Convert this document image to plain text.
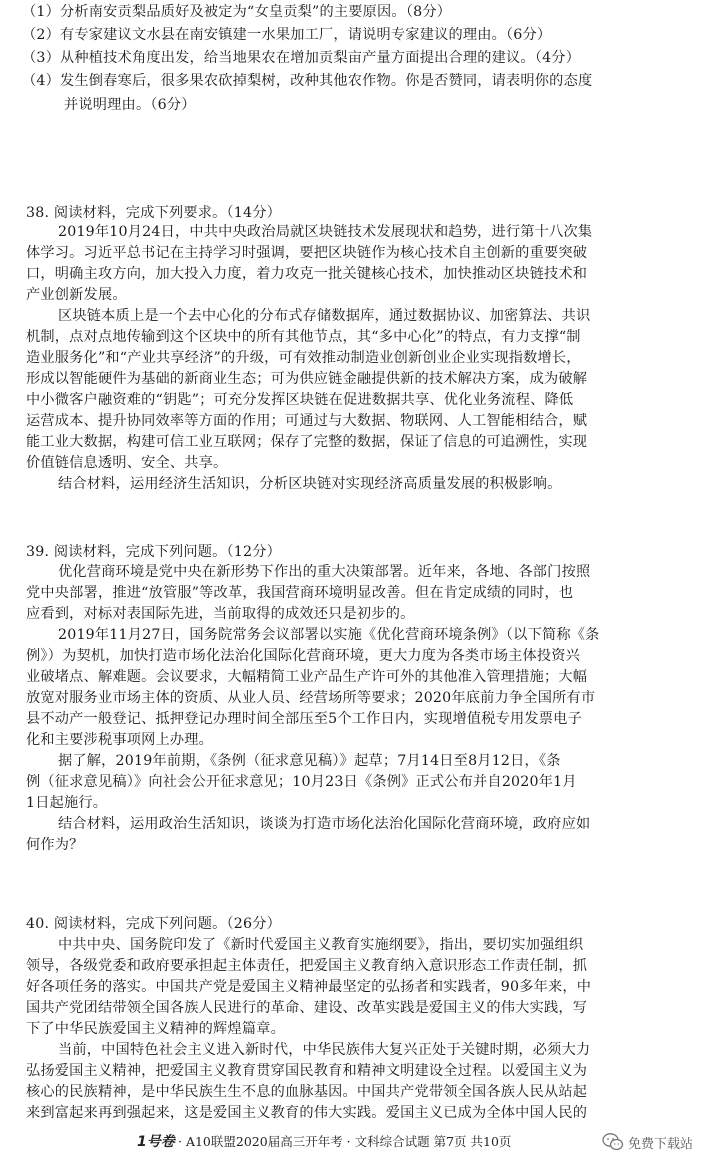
（1）分析南安贡梨品质好及被定为“女皇贡梨”的主要原因。（8分）
（2）有专家建议文水县在南安镇建一水果加工厂，请说明专家建议的理由。（6分）
（3）从种植技术角度出发，给当地果农在增加贡梨亩产量方面提出合理的建议。（4分）
（4）发生倒春寒后，很多果农砍掉梨树，改种其他农作物。你是否赞同，请表明你的态度
并说明理由。（6分）
38. 阅读材料，完成下列要求。（14分）
2019年10月24日，中共中央政治局就区块链技术发展现状和趋势，进行第十八次集
体学习。习近平总书记在主持学习时强调，要把区块链作为核心技术自主创新的重要突破
口，明确主攻方向，加大投入力度，着力攻克一批关键核心技术，加快推动区块链技术和
产业创新发展。
区块链本质上是一个去中心化的分布式存储数据库，通过数据协议、加密算法、共识
机制，点对点地传输到这个区块中的所有其他节点，其“多中心化”的特点，有力支撑“制
造业服务化”和“产业共享经济”的升级，可有效推动制造业创新创业企业实现指数增长，
形成以智能硬件为基础的新商业生态；可为供应链金融提供新的技术解决方案，成为破解
中小微客户融资难的“钥匙”；可充分发挥区块链在促进数据共享、优化业务流程、降低
运营成本、提升协同效率等方面的作用；可通过与大数据、物联网、人工智能相结合，赋
能工业大数据，构建可信工业互联网；保存了完整的数据，保证了信息的可追溯性，实现
价值链信息透明、安全、共享。
结合材料，运用经济生活知识，分析区块链对实现经济高质量发展的积极影响。
39. 阅读材料，完成下列问题。（12分）
优化营商环境是党中央在新形势下作出的重大决策部署。近年来，各地、各部门按照
党中央部署，推进“放管服”等改革，我国营商环境明显改善。但在肯定成绩的同时，也
应看到，对标对表国际先进，当前取得的成效还只是初步的。
2019年11月27日，国务院常务会议部署以实施《优化营商环境条例》（以下简称《条
例》）为契机，加快打造市场化法治化国际化营商环境，更大力度为各类市场主体投资兴
业破堵点、解难题。会议要求，大幅精简工业产品生产许可外的其他准入管理措施；大幅
放宽对服务业市场主体的资质、从业人员、经营场所等要求；2020年底前力争全国所有市
县不动产一般登记、抵押登记办理时间全部压至5个工作日内，实现增值税专用发票电子
化和主要涉税事项网上办理。
据了解，2019年前期，《条例（征求意见稿）》起草；7月14日至8月12日，《条
例（征求意见稿）》向社会公开征求意见；10月23日《条例》正式公布并自2020年1月
1日起施行。
结合材料，运用政治生活知识，谈谈为打造市场化法治化国际化营商环境，政府应如
何作为？
40. 阅读材料，完成下列问题。（26分）
中共中央、国务院印发了《新时代爱国主义教育实施纲要》，指出，要切实加强组织
领导，各级党委和政府要承担起主体责任，把爱国主义教育纳入意识形态工作责任制，抓
好各项任务的落实。中国共产党是爱国主义精神最坚定的弘扬者和实践者，90多年来，中
国共产党团结带领全国各族人民进行的革命、建设、改革实践是爱国主义的伟大实践，写
下了中华民族爱国主义精神的辉煌篇章。
当前，中国特色社会主义进入新时代，中华民族伟大复兴正处于关键时期，必须大力
弘扬爱国主义精神，把爱国主义教育贯穿国民教育和精神文明建设全过程。以爱国主义为
核心的民族精神，是中华民族生生不息的血脉基因。中国共产党带领全国各族人民从站起
来到富起来再到强起来，这是爱国主义教育的伟大实践。爱国主义已成为全体中国人民的
1号卷 · A10联盟2020届高三开年考 · 文科综合试题 第7页 共10页	免费下载站
